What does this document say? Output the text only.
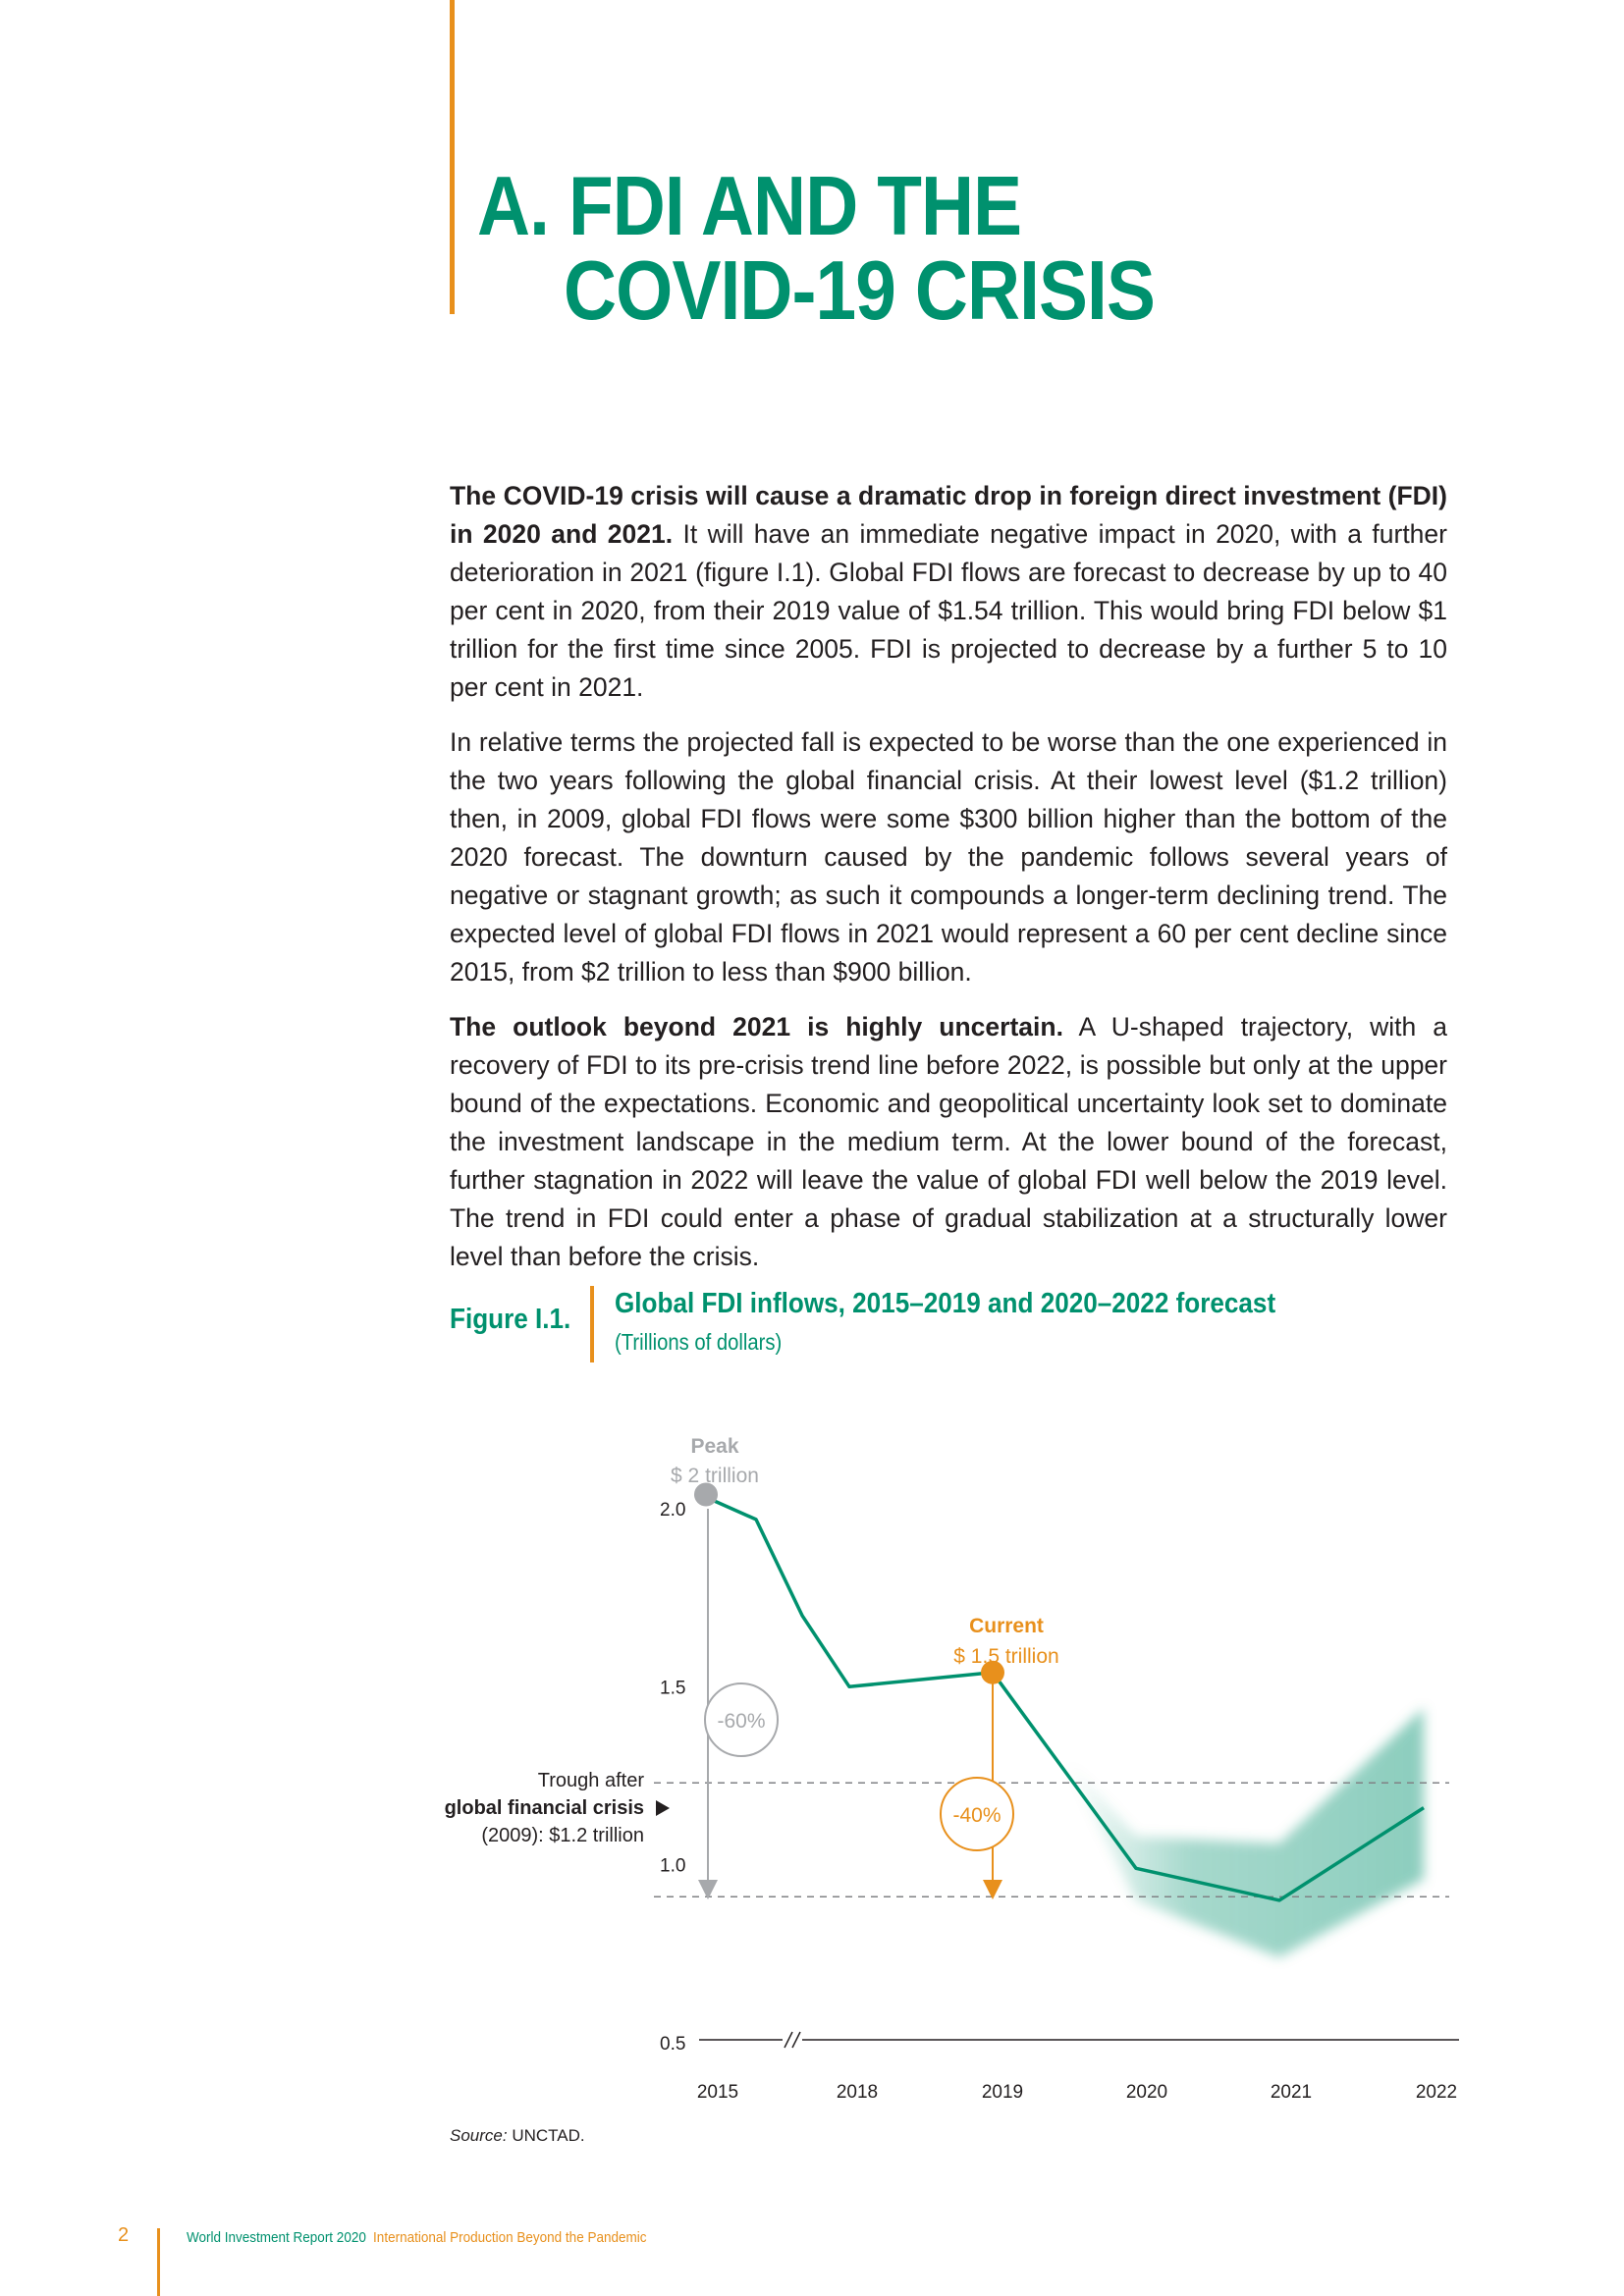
A. FDI AND THE
COVID-19 CRISIS

The COVID-19 crisis will cause a dramatic drop in foreign direct investment (FDI) in 2020 and 2021. It will have an immediate negative impact in 2020, with a further deterioration in 2021 (figure I.1). Global FDI flows are forecast to decrease by up to 40 per cent in 2020, from their 2019 value of $1.54 trillion. This would bring FDI below $1 trillion for the first time since 2005. FDI is projected to decrease by a further 5 to 10 per cent in 2021.

In relative terms the projected fall is expected to be worse than the one experienced in the two years following the global financial crisis. At their lowest level ($1.2 trillion) then, in 2009, global FDI flows were some $300 billion higher than the bottom of the 2020 forecast. The downturn caused by the pandemic follows several years of negative or stagnant growth; as such it compounds a longer-term declining trend. The expected level of global FDI flows in 2021 would represent a 60 per cent decline since 2015, from $2 trillion to less than $900 billion.

The outlook beyond 2021 is highly uncertain. A U-shaped trajectory, with a recovery of FDI to its pre-crisis trend line before 2022, is possible but only at the upper bound of the expectations. Economic and geopolitical uncertainty look set to dominate the investment landscape in the medium term. At the lower bound of the forecast, further stagnation in 2022 will leave the value of global FDI well below the 2019 level. The trend in FDI could enter a phase of gradual stabilization at a structurally lower level than before the crisis.

Figure I.1. Global FDI inflows, 2015–2019 and 2020–2022 forecast
(Trillions of dollars)
2.0
1.5
1.0
0.5
2015	2018	2019	2020	2021	2022
-60%
-40%
Peak
$ 2 trillion
Current
$ 1.5 trillion
Trough after
global financial crisis
(2009): $1.2 trillion
Source: UNCTAD.
2	World Investment Report 2020 International Production Beyond the Pandemic
